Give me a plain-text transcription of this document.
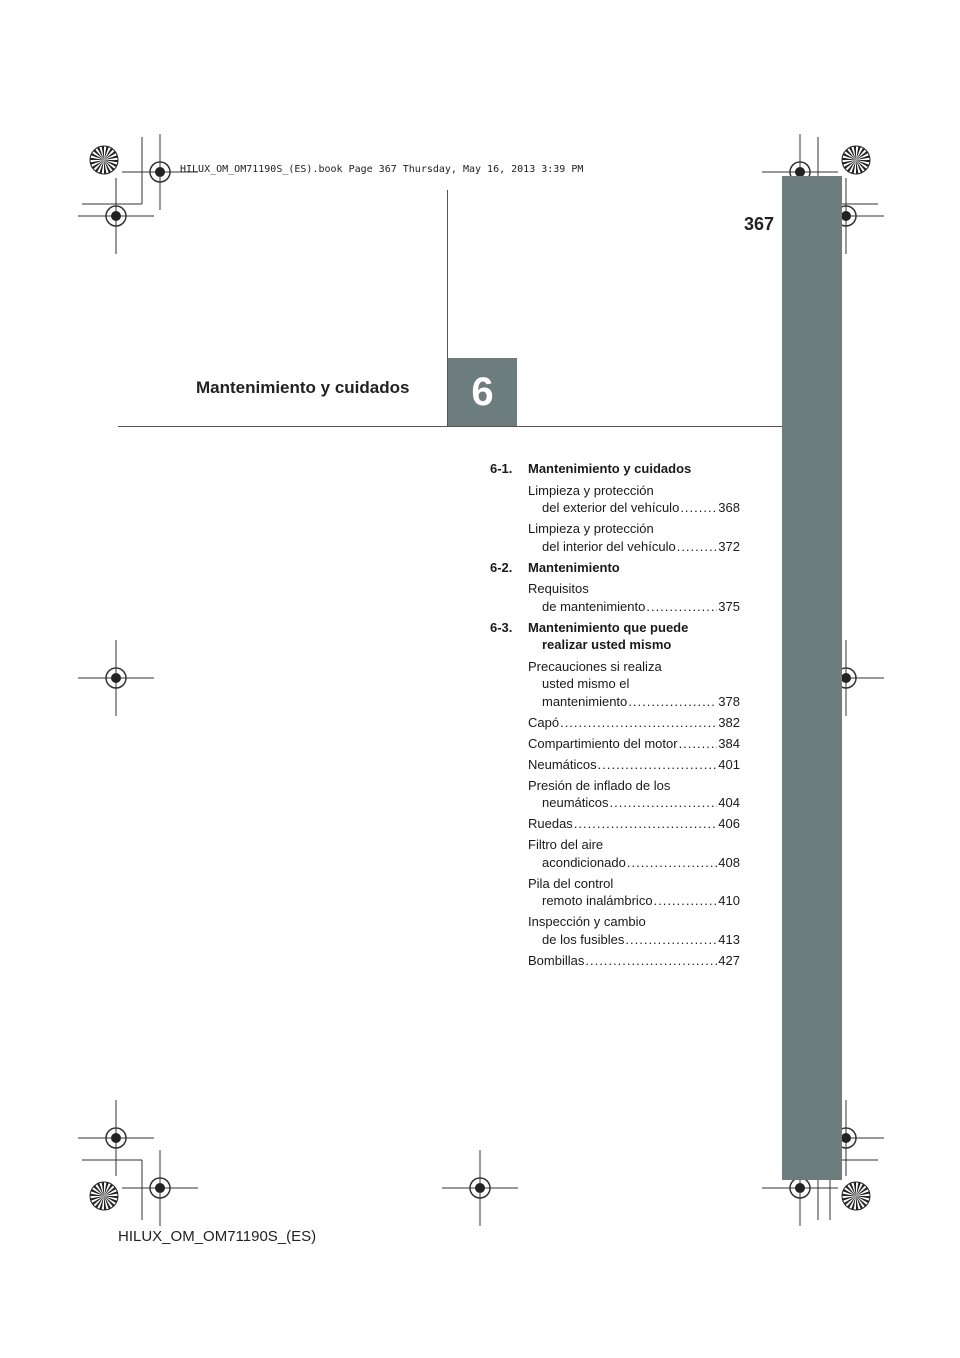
HILUX_OM_OM71190S_(ES).book Page 367 Thursday, May 16, 2013 3:39 PM
367
Mantenimiento y cuidados 6
6-1. Mantenimiento y cuidados
Limpieza y protección
del exterior del vehículo .....	368
Limpieza y protección
del interior del vehículo .....	372
6-2. Mantenimiento
Requisitos
de mantenimiento .....	375
6-3. Mantenimiento que puede
realizar usted mismo
Precauciones si realiza
usted mismo el
mantenimiento .....	378
Capó .....	382
Compartimiento del motor .....	384
Neumáticos .....	401
Presión de inflado de los
neumáticos .....	404
Ruedas .....	406
Filtro del aire
acondicionado .....	408
Pila del control
remoto inalámbrico .....	410
Inspección y cambio
de los fusibles .....	413
Bombillas .....	427
HILUX_OM_OM71190S_(ES)
